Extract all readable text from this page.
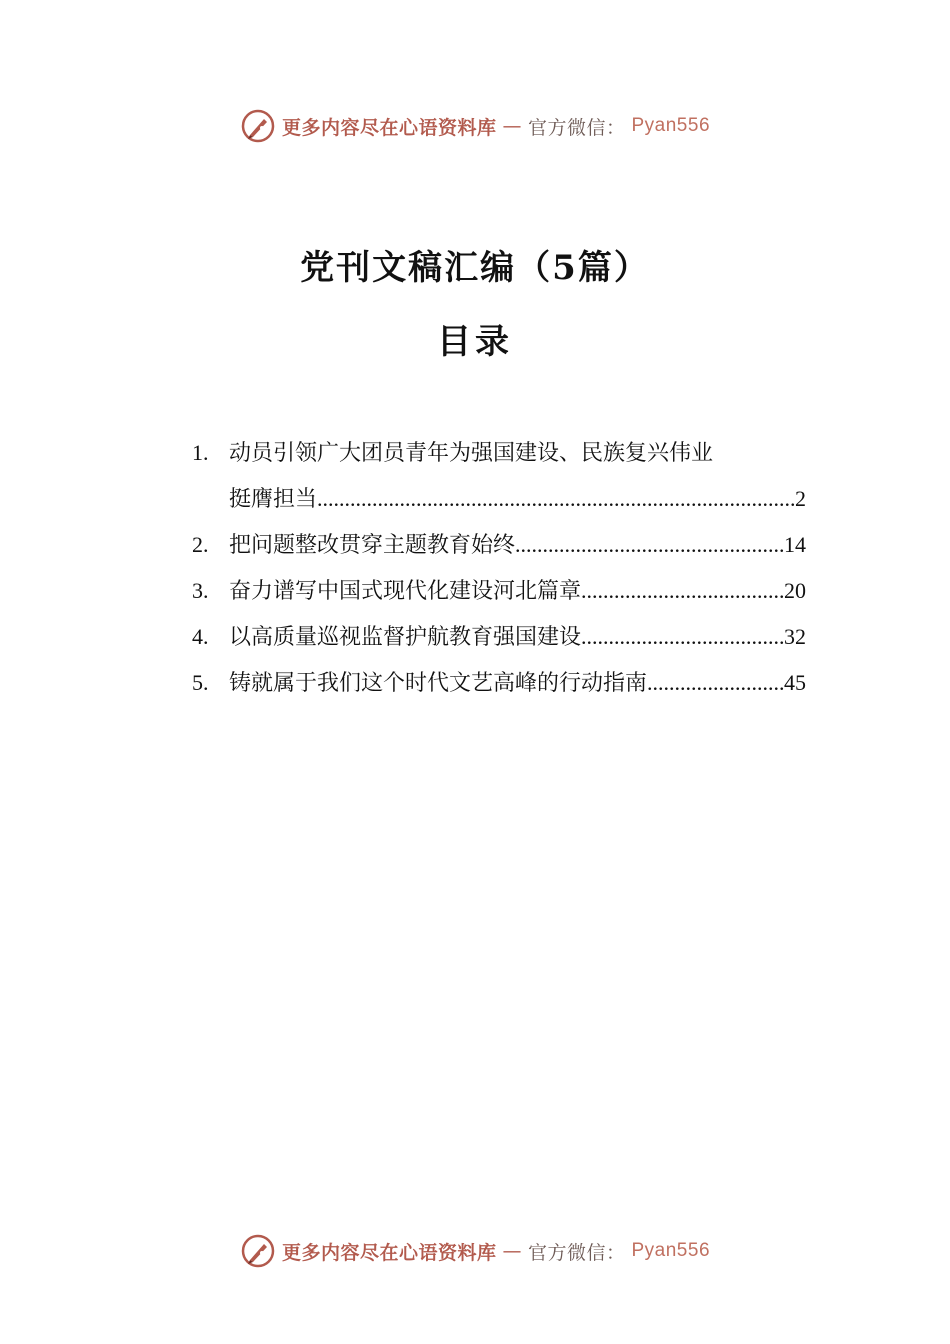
更多内容尽在心语资料库 — 官方微信： Pyan556
党刊文稿汇编（5篇）
目录
1. 动员引领广大团员青年为强国建设、民族复兴伟业
挺膺担当 .....	2
2. 把问题整改贯穿主题教育始终 .....	14
3. 奋力谱写中国式现代化建设河北篇章 .....	20
4. 以高质量巡视监督护航教育强国建设 .....	32
5. 铸就属于我们这个时代文艺高峰的行动指南 .....	45
更多内容尽在心语资料库 — 官方微信： Pyan556
